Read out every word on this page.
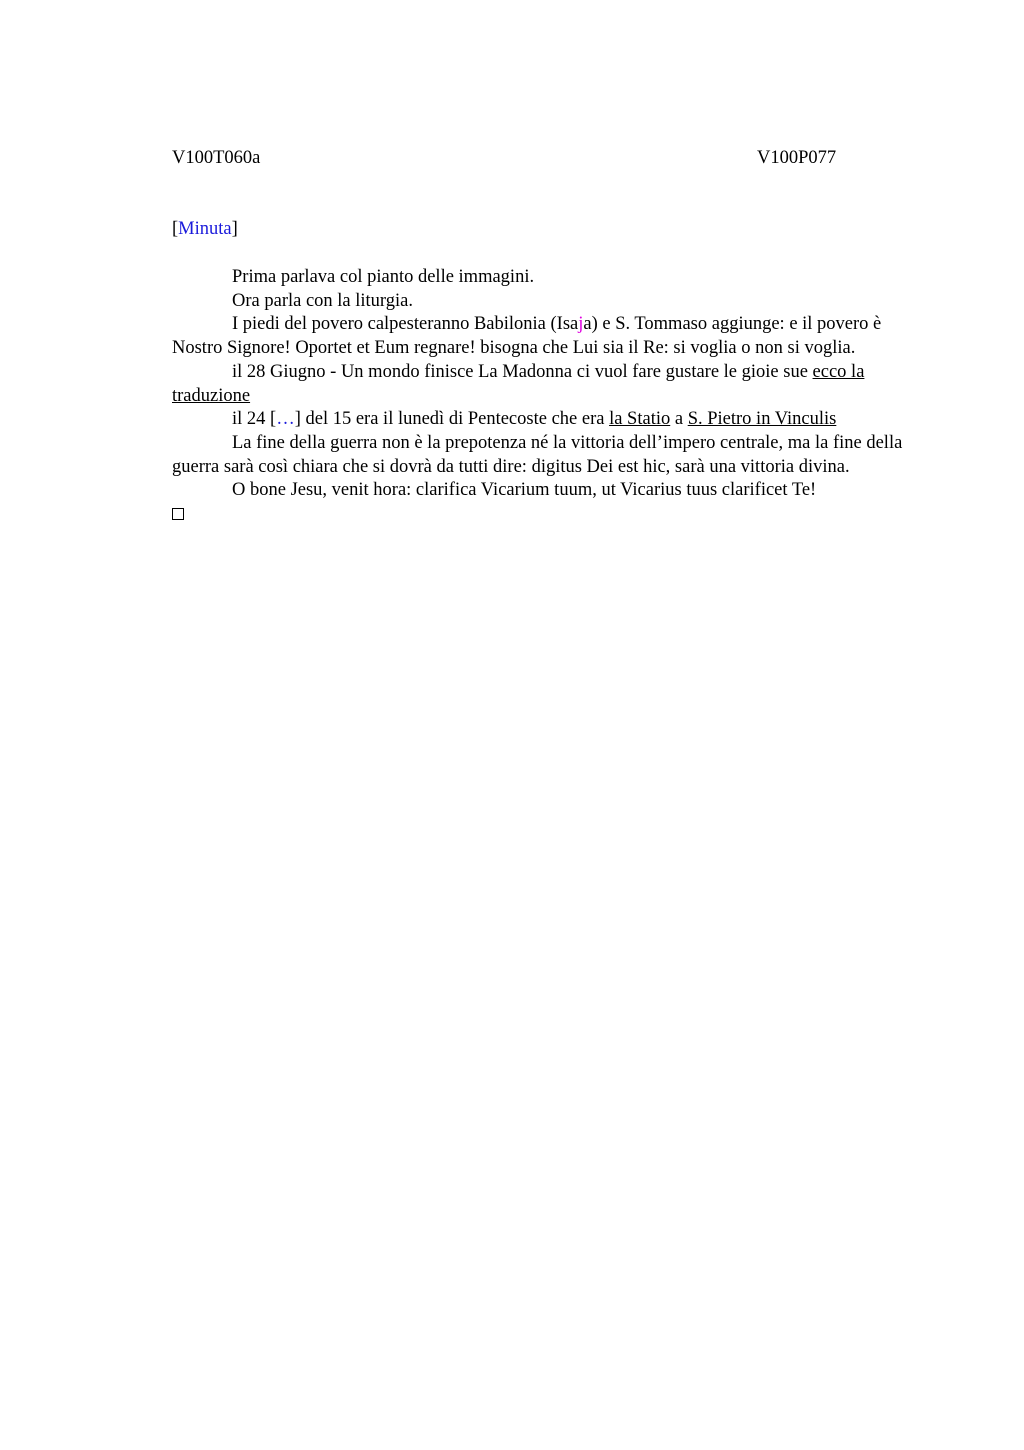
V100T060a	V100P077
[Minuta]

Prima parlava col pianto delle immagini.

Ora parla con la liturgia.

I piedi del povero calpesteranno Babilonia (Isaja) e S. Tommaso aggiunge: e il povero è Nostro Signore! Oportet et Eum regnare! bisogna che Lui sia il Re: si voglia o non si voglia.

il 28 Giugno - Un mondo finisce La Madonna ci vuol fare gustare le gioie sue ecco la traduzione

il 24 […] del 15 era il lunedì di Pentecoste che era la Statio a S. Pietro in Vinculis

La fine della guerra non è la prepotenza né la vittoria dell’impero centrale, ma la fine della guerra sarà così chiara che si dovrà da tutti dire: digitus Dei est hic, sarà una vittoria divina.

O bone Jesu, venit hora: clarifica Vicarium tuum, ut Vicarius tuus clarificet Te!
